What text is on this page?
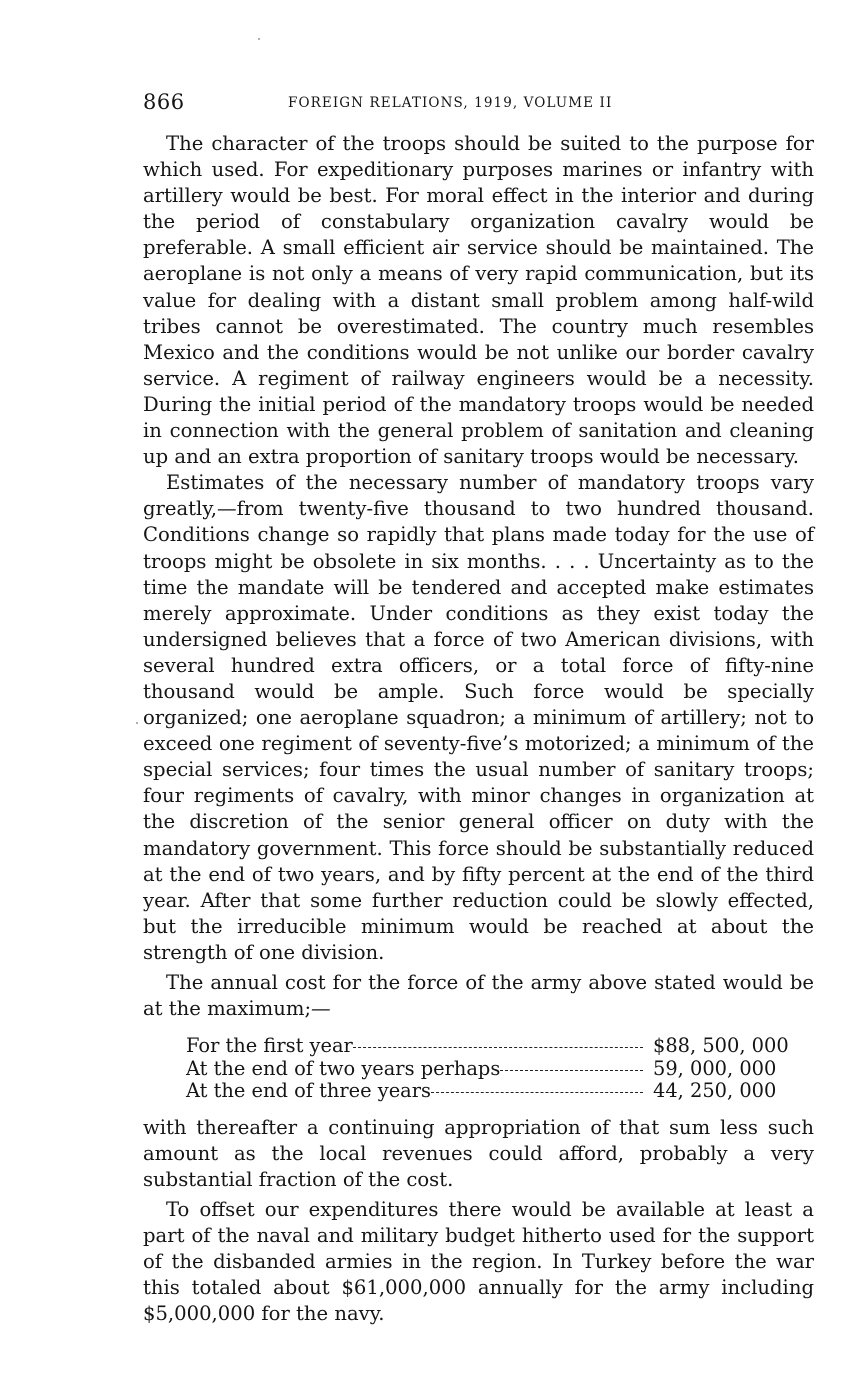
866	FOREIGN RELATIONS, 1919, VOLUME II

The character of the troops should be suited to the purpose for which used. For expeditionary purposes marines or infantry with artillery would be best. For moral effect in the interior and during the period of constabulary organization cavalry would be preferable. A small efficient air service should be maintained. The aeroplane is not only a means of very rapid communication, but its value for dealing with a distant small problem among half-wild tribes cannot be overestimated. The country much resembles Mexico and the conditions would be not unlike our border cavalry service. A regiment of railway engineers would be a necessity. During the initial period of the mandatory troops would be needed in connection with the general problem of sanitation and cleaning up and an extra proportion of sanitary troops would be necessary.

Estimates of the necessary number of mandatory troops vary greatly,—from twenty-five thousand to two hundred thousand. Conditions change so rapidly that plans made today for the use of troops might be obsolete in six months. . . . Uncertainty as to the time the mandate will be tendered and accepted make estimates merely approximate. Under conditions as they exist today the undersigned believes that a force of two American divisions, with several hundred extra officers, or a total force of fifty-nine thousand would be ample. Such force would be specially organized; one aeroplane squadron; a minimum of artillery; not to exceed one regiment of seventy-five’s motorized; a minimum of the special services; four times the usual number of sanitary troops; four regiments of cavalry, with minor changes in organization at the discretion of the senior general officer on duty with the mandatory government. This force should be substantially reduced at the end of two years, and by fifty percent at the end of the third year. After that some further reduction could be slowly effected, but the irreducible minimum would be reached at about the strength of one division.

The annual cost for the force of the army above stated would be at the maximum;—

For the first year	$88, 500, 000
At the end of two years perhaps	59, 000, 000
At the end of three years	44, 250, 000

with thereafter a continuing appropriation of that sum less such amount as the local revenues could afford, probably a very substantial fraction of the cost.

To offset our expenditures there would be available at least a part of the naval and military budget hitherto used for the support of the disbanded armies in the region. In Turkey before the war this totaled about $61,000,000 annually for the army including $5,000,000 for the navy.
